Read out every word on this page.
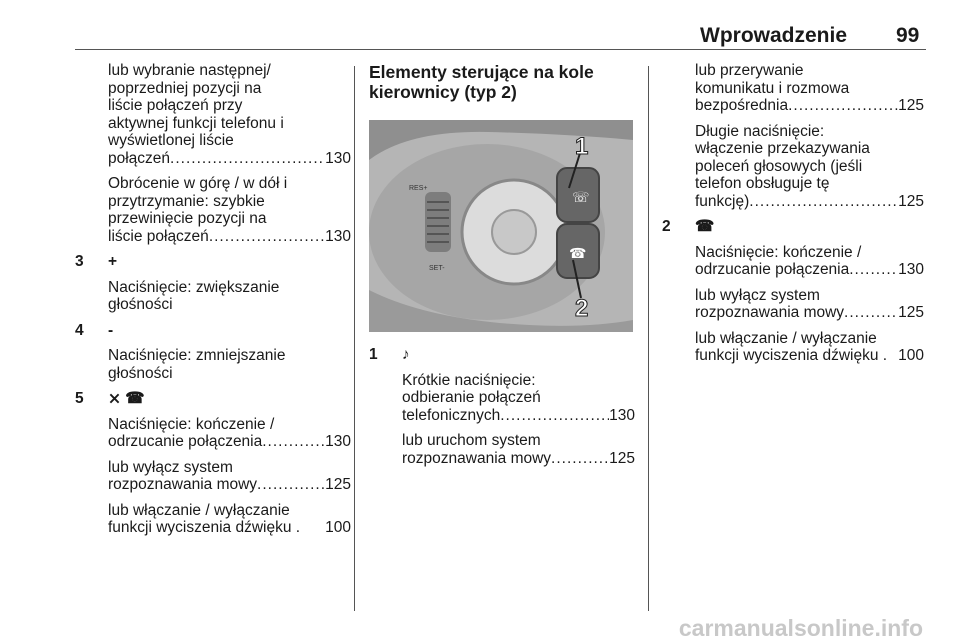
Wprowadzenie 99
lub wybranie następnej/
poprzedniej pozycji na
liście połączeń przy
aktywnej funkcji telefonu i
wyświetlonej liście
połączeń .....	130
Obrócenie w górę / w dół i
przytrzymanie: szybkie
przewinięcie pozycji na
liście połączeń .....	130
3	+
Naciśnięcie: zwiększanie
głośności
4	-
Naciśnięcie: zmniejszanie
głośności
5	⨯ ☎
Naciśnięcie: kończenie /
odrzucanie połączenia .....	130
lub wyłącz system
rozpoznawania mowy .....	125
lub włączanie / wyłączanie
funkcji wyciszenia dźwięku . 100
Elementy sterujące na kole
kierownicy (typ 2)
RES+
SET-
1
2
☏
☎
1	♪
Krótkie naciśnięcie:
odbieranie połączeń
telefonicznych .....	130
lub uruchom system
rozpoznawania mowy .....	125
lub przerywanie
komunikatu i rozmowa
bezpośrednia .....	125
Długie naciśnięcie:
włączenie przekazywania
poleceń głosowych (jeśli
telefon obsługuje tę
funkcję) .....	125
2	☎
Naciśnięcie: kończenie /
odrzucanie połączenia .....	130
lub wyłącz system
rozpoznawania mowy .....	125
lub włączanie / wyłączanie
funkcji wyciszenia dźwięku . 100
carmanualsonline.info
